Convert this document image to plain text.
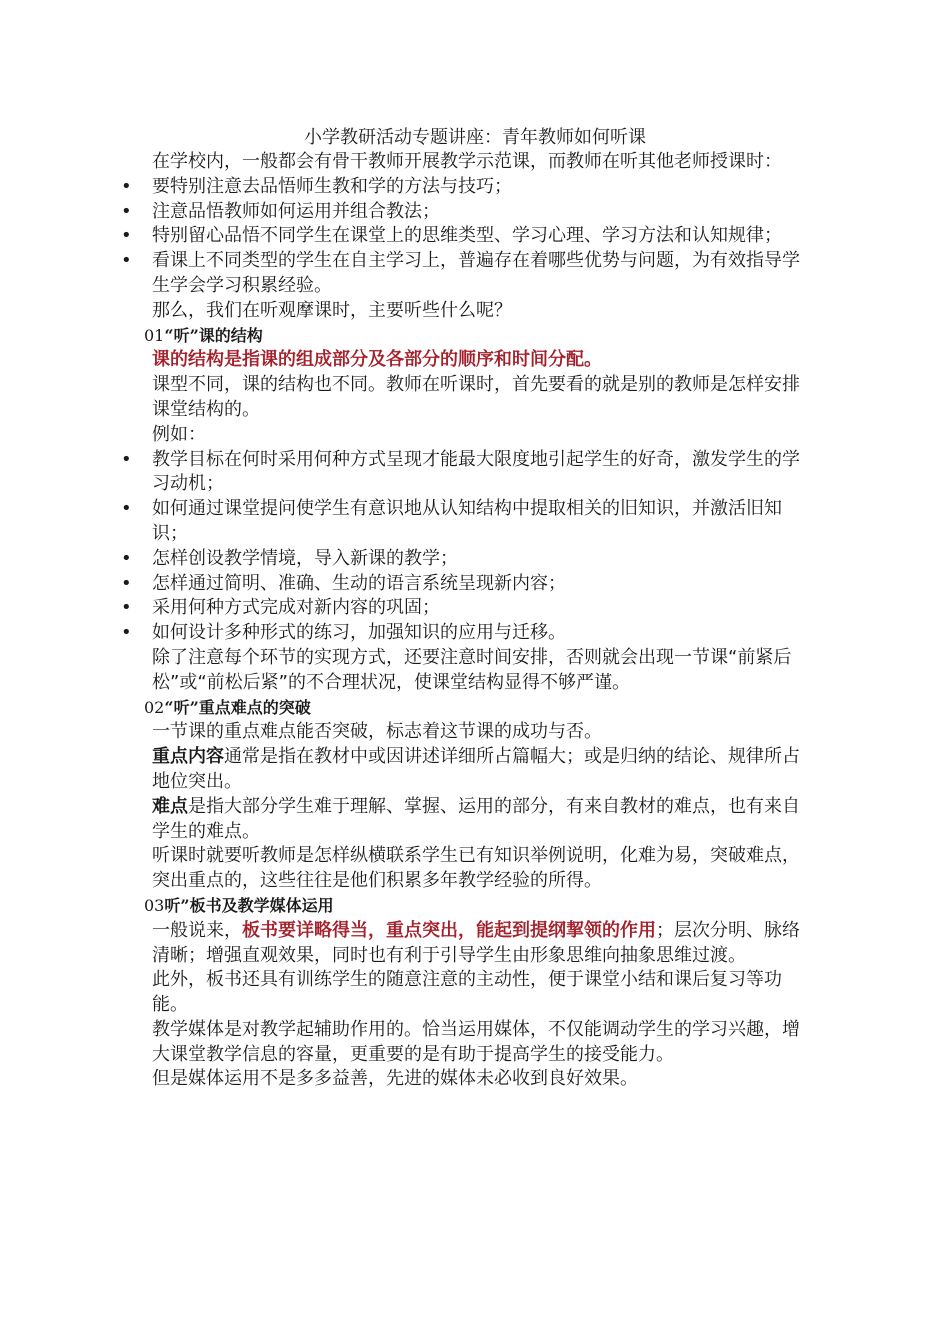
小学教研活动专题讲座：青年教师如何听课

在学校内，一般都会有骨干教师开展教学示范课，而教师在听其他老师授课时：

• 要特别注意去品悟师生教和学的方法与技巧；

• 注意品悟教师如何运用并组合教法；

• 特别留心品悟不同学生在课堂上的思维类型、学习心理、学习方法和认知规律；

• 看课上不同类型的学生在自主学习上，普遍存在着哪些优势与问题，为有效指导学生学会学习积累经验。

那么，我们在听观摩课时，主要听些什么呢？

01“听”课的结构

课的结构是指课的组成部分及各部分的顺序和时间分配。

课型不同，课的结构也不同。教师在听课时，首先要看的就是别的教师是怎样安排课堂结构的。

例如：

• 教学目标在何时采用何种方式呈现才能最大限度地引起学生的好奇，激发学生的学习动机；

• 如何通过课堂提问使学生有意识地从认知结构中提取相关的旧知识，并激活旧知识；

• 怎样创设教学情境，导入新课的教学；

• 怎样通过简明、准确、生动的语言系统呈现新内容；

• 采用何种方式完成对新内容的巩固；

• 如何设计多种形式的练习，加强知识的应用与迁移。

除了注意每个环节的实现方式，还要注意时间安排，否则就会出现一节课“前紧后松”或“前松后紧”的不合理状况，使课堂结构显得不够严谨。

02“听”重点难点的突破

一节课的重点难点能否突破，标志着这节课的成功与否。

重点内容通常是指在教材中或因讲述详细所占篇幅大；或是归纳的结论、规律所占地位突出。

难点是指大部分学生难于理解、掌握、运用的部分，有来自教材的难点，也有来自学生的难点。

听课时就要听教师是怎样纵横联系学生已有知识举例说明，化难为易，突破难点，突出重点的，这些往往是他们积累多年教学经验的所得。

03听”板书及教学媒体运用

一般说来，板书要详略得当，重点突出，能起到提纲挈领的作用；层次分明、脉络清晰；增强直观效果，同时也有利于引导学生由形象思维向抽象思维过渡。

此外，板书还具有训练学生的随意注意的主动性，便于课堂小结和课后复习等功能。

教学媒体是对教学起辅助作用的。恰当运用媒体，不仅能调动学生的学习兴趣，增大课堂教学信息的容量，更重要的是有助于提高学生的接受能力。

但是媒体运用不是多多益善，先进的媒体未必收到良好效果。
